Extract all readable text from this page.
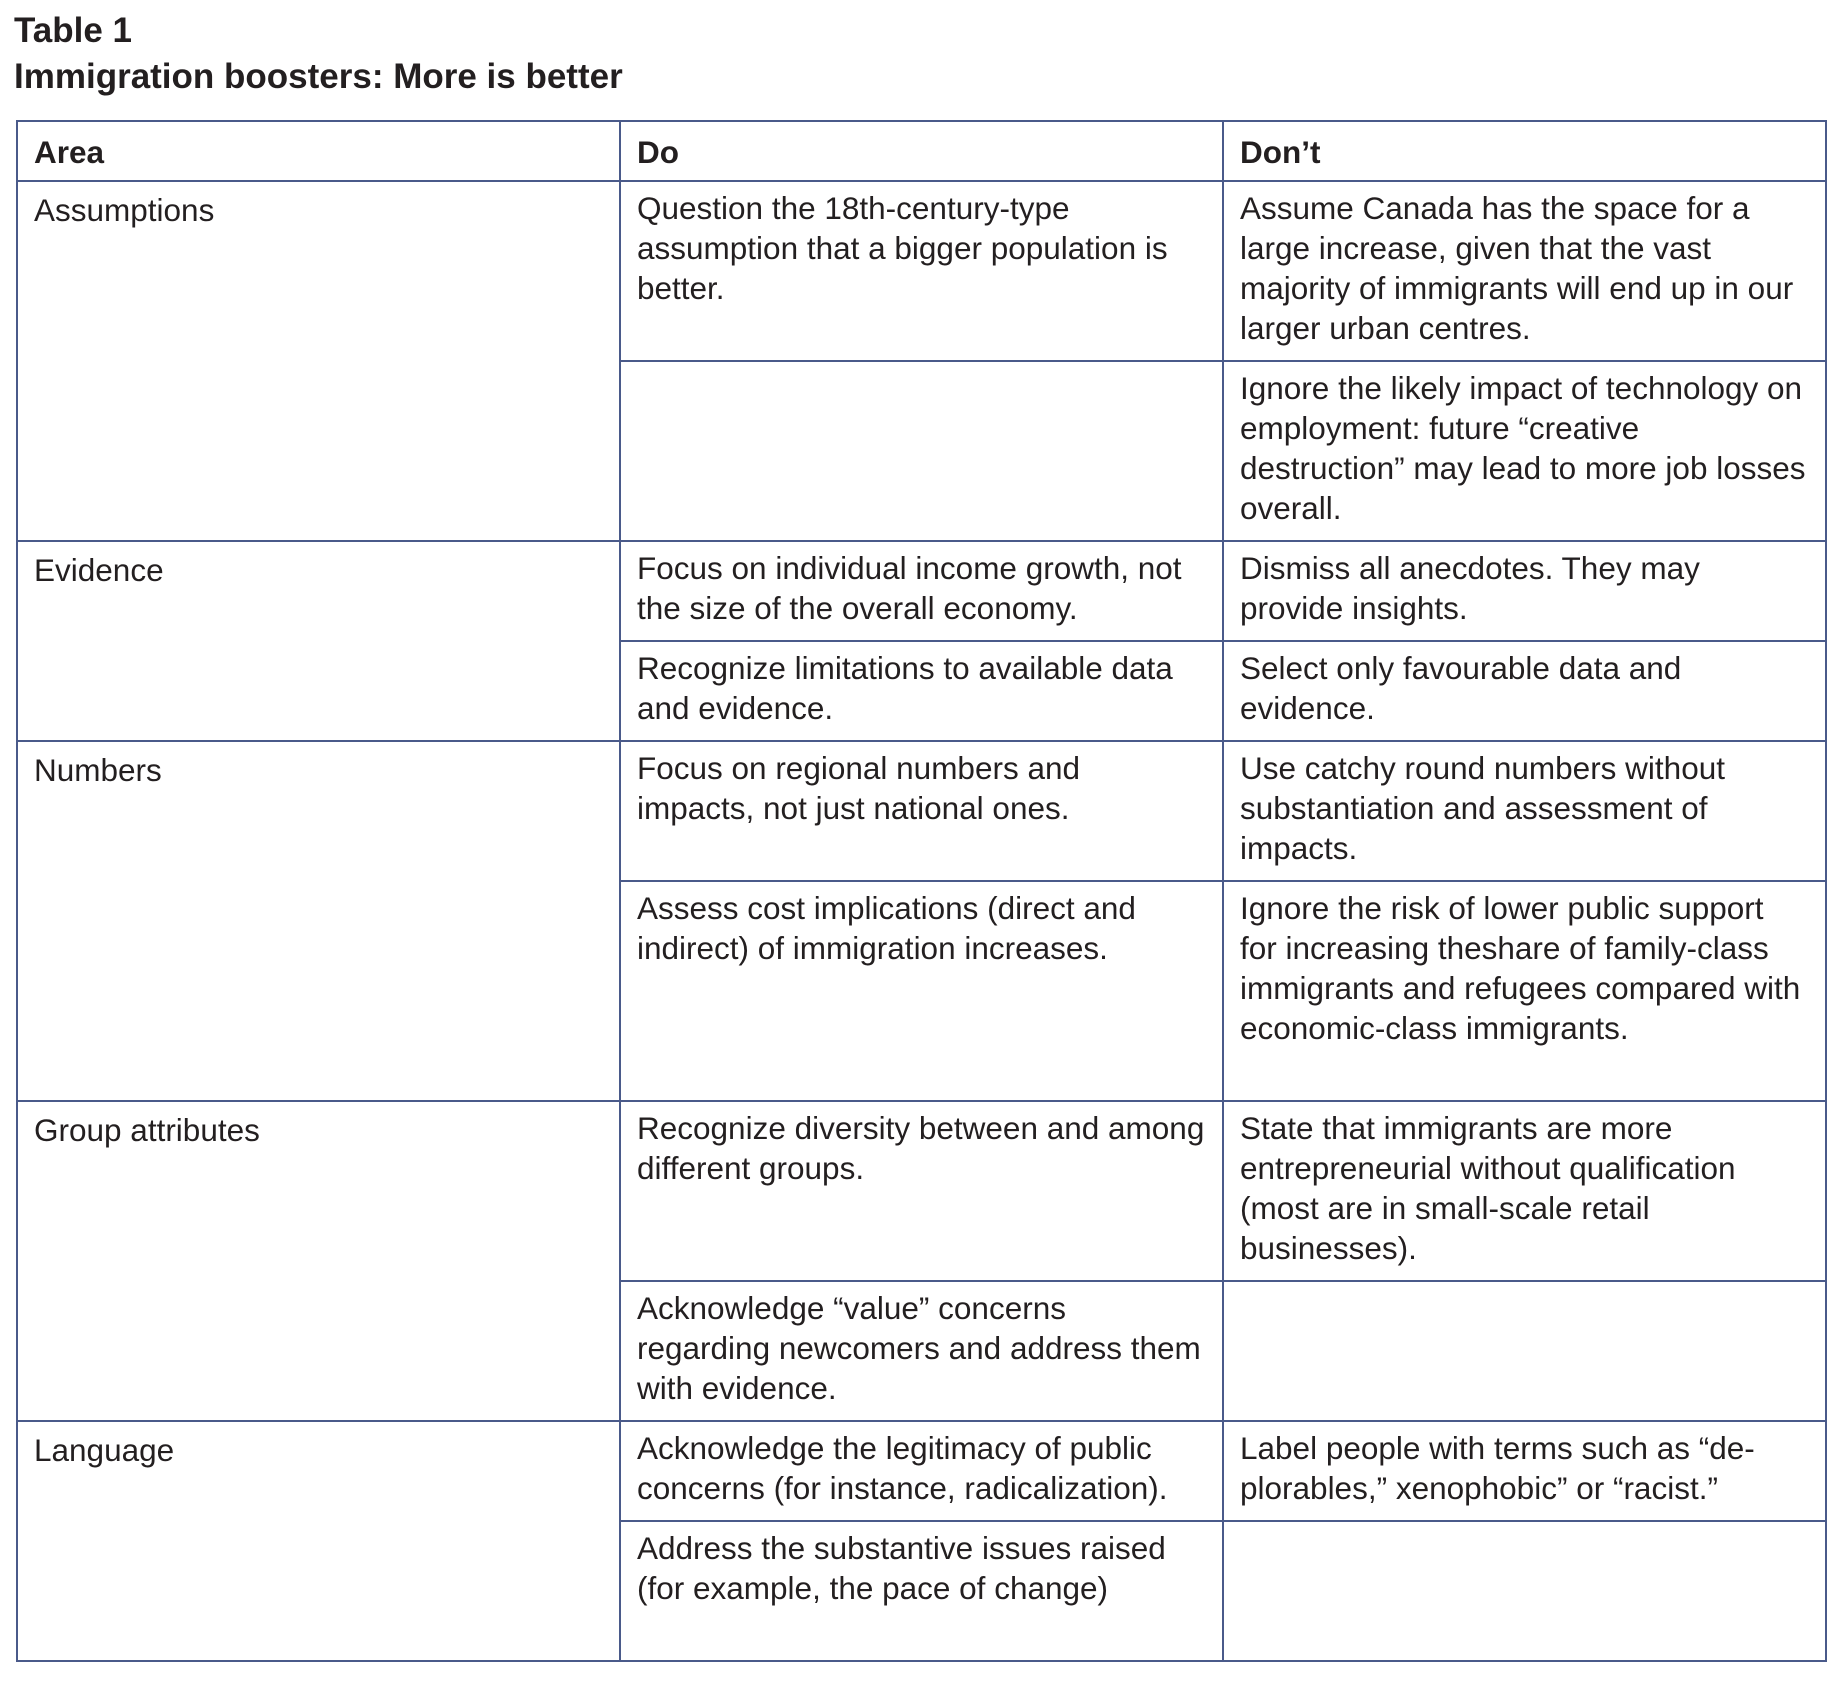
Table 1
Immigration boosters: More is better
Area	Do	Don’t
Assumptions	Question the 18th-century-type assumption that a bigger population is better.	Assume Canada has the space for a large increase, given that the vast majority of immigrants will end up in our larger urban centres.
		Ignore the likely impact of technology on employment: future “creative destruction” may lead to more job losses overall.
Evidence	Focus on individual income growth, not the size of the overall economy.	Dismiss all anecdotes. They may provide insights.
	Recognize limitations to available data and evidence.	Select only favourable data and evidence.
Numbers	Focus on regional numbers and impacts, not just national ones.	Use catchy round numbers without substantiation and assessment of impacts.
	Assess cost implications (direct and indirect) of immigration increases.	Ignore the risk of lower public support for increasing theshare of family-class immigrants and refugees compared with economic-class immigrants.
Group attributes	Recognize diversity between and among different groups.	State that immigrants are more entrepreneurial without qualification (most are in small-scale retail businesses).
	Acknowledge “value” concerns regarding newcomers and address them with evidence.	
Language	Acknowledge the legitimacy of public concerns (for instance, radicalization).	Label people with terms such as “de-plorables,” xenophobic” or “racist.”
	Address the substantive issues raised (for example, the pace of change)	
